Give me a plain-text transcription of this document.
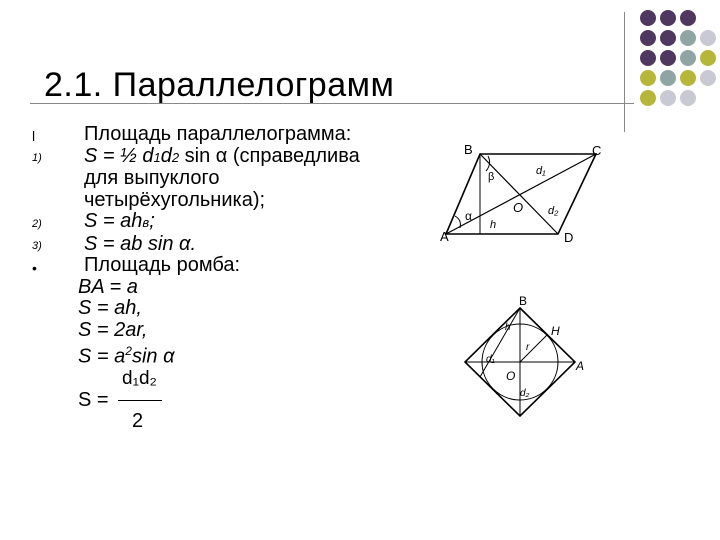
2.1. Параллелограмм
l
1)
2)
3)
•
Площадь параллелограмма:
S = ½ d1d2 sin α (справедлива
для выпуклого
четырёхугольника);
S = ahв;
S = ab sin α.
Площадь ромба:
BA = a
S = ah,
S = 2ar,
$S = a^2\sin$ α
d₁d₂
S =
2
B	C
A	D
O
d₁
d₂
h
α
β
B
H
A
O
h
r
d₁
d₂
